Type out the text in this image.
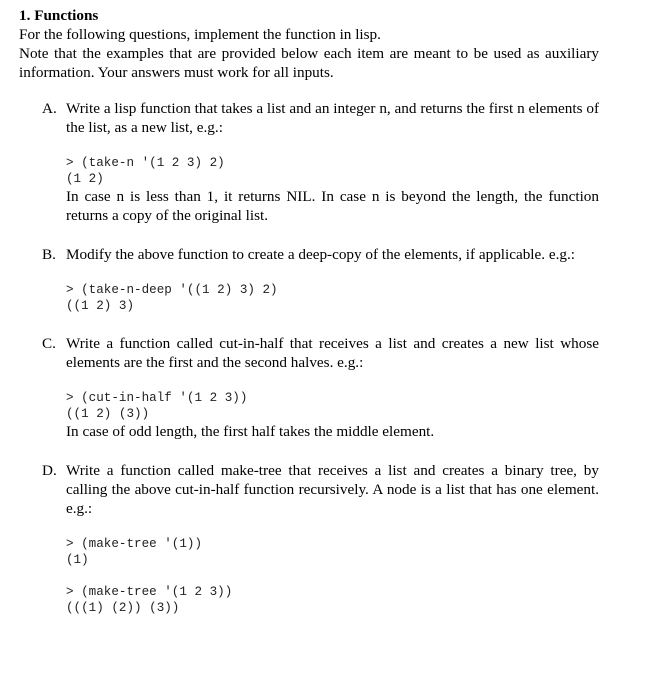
1. Functions

For the following questions, implement the function in lisp.

Note that the examples that are provided below each item are meant to be used as auxiliary information. Your answers must work for all inputs.

A. Write a lisp function that takes a list and an integer n, and returns the first n elements of the list, as a new list, e.g.:

> (take-n '(1 2 3) 2)
(1 2)

In case n is less than 1, it returns NIL. In case n is beyond the length, the function returns a copy of the original list.

B. Modify the above function to create a deep-copy of the elements, if applicable. e.g.:

> (take-n-deep '((1 2) 3) 2)
((1 2) 3)
C. Write a function called cut-in-half that receives a list and creates a new list whose elements are the first and the second halves. e.g.:

> (cut-in-half '(1 2 3))
((1 2) (3))

In case of odd length, the first half takes the middle element.

D. Write a function called make-tree that receives a list and creates a binary tree, by calling the above cut-in-half function recursively. A node is a list that has one element. e.g.:

> (make-tree '(1))
(1)

> (make-tree '(1 2 3))
(((1) (2)) (3))
